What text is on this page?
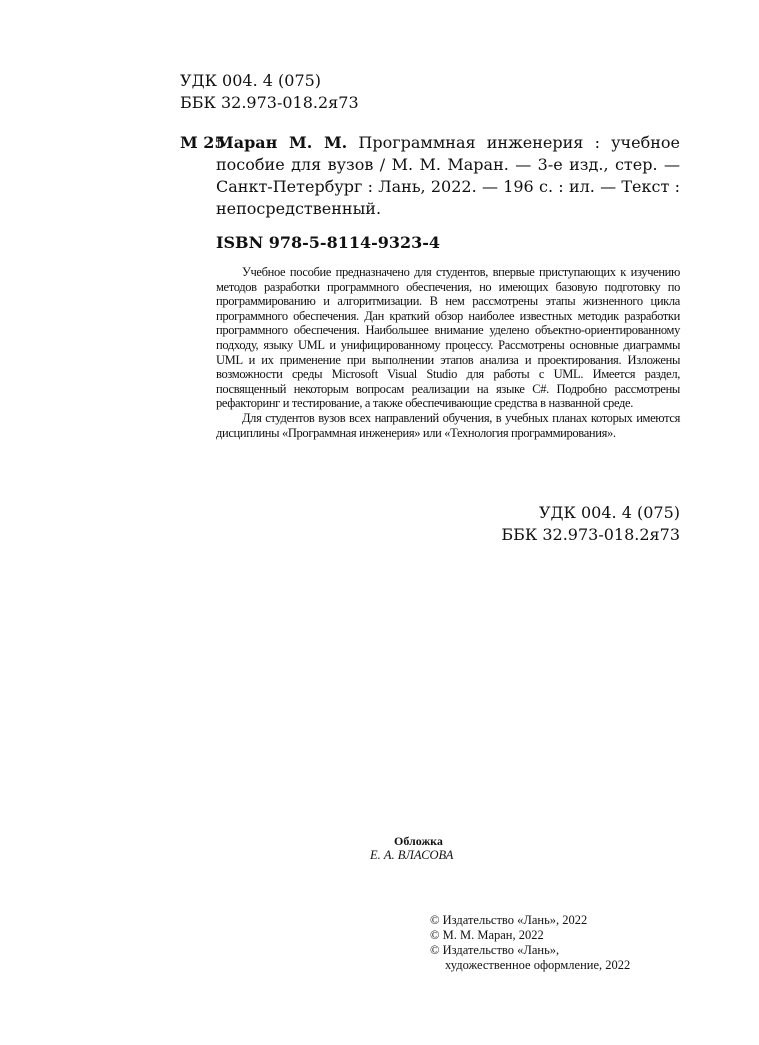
УДК 004. 4 (075)
ББК 32.973-018.2я73
М 25

Маран М. М. Программная инженерия : учебное пособие для вузов / М. М. Маран. — 3-е изд., стер. — Санкт-Петербург : Лань, 2022. — 196 с. : ил. — Текст : непосредственный.

ISBN 978-5-8114-9323-4

Учебное пособие предназначено для студентов, впервые приступающих к изучению методов разработки программного обеспечения, но имеющих базовую подготовку по программированию и алгоритмизации. В нем рассмотрены этапы жизненного цикла программного обеспечения. Дан краткий обзор наиболее известных методик разработки программного обеспечения. Наибольшее внимание уделено объектно-ориентированному подходу, языку UML и унифицированному процессу. Рассмотрены основные диаграммы UML и их применение при выполнении этапов анализа и проектирования. Изложены возможности среды Microsoft Visual Studio для работы с UML. Имеется раздел, посвященный некоторым вопросам реализации на языке C#. Подробно рассмотрены рефакторинг и тестирование, а также обеспечивающие средства в названной среде.

Для студентов вузов всех направлений обучения, в учебных планах которых имеются дисциплины «Программная инженерия» или «Технология программирования».

УДК 004. 4 (075)
ББК 32.973-018.2я73
Обложка
Е. А. ВЛАСОВА
© Издательство «Лань», 2022
© М. М. Маран, 2022
© Издательство «Лань»,
художественное оформление, 2022
